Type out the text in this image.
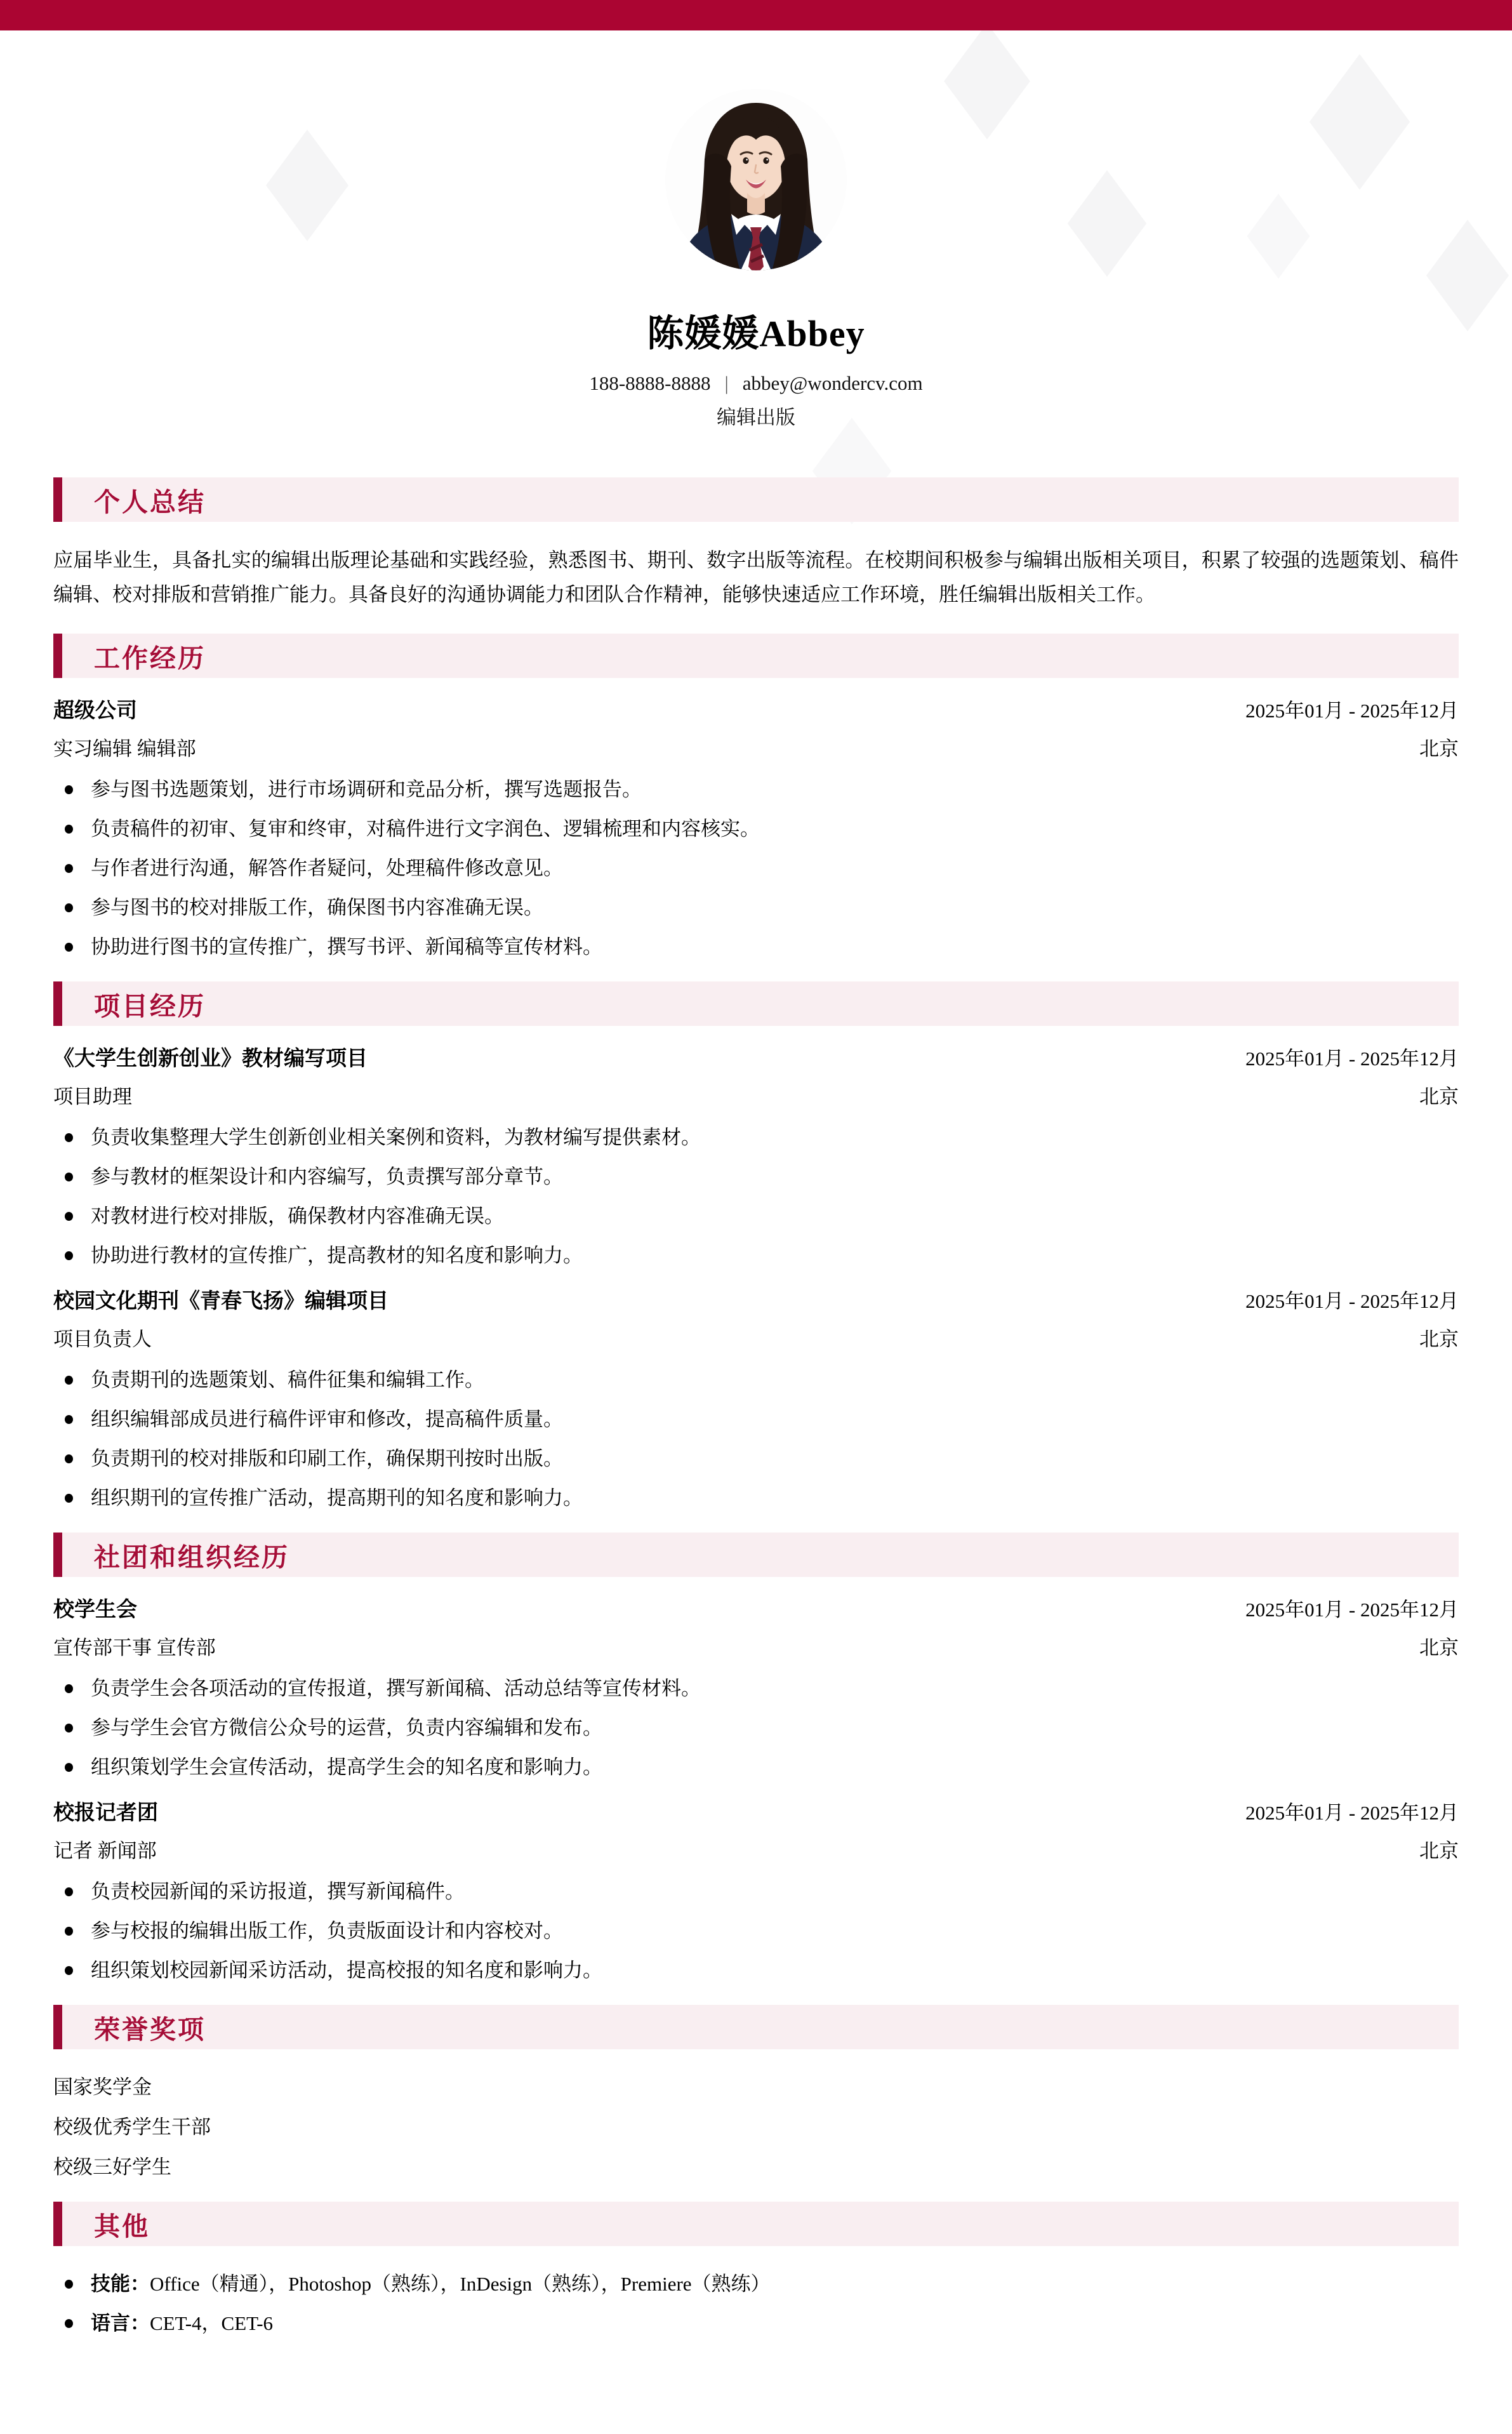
陈媛媛Abbey
188-8888-8888 | abbey@wondercv.com
编辑出版
个人总结
应届毕业生，具备扎实的编辑出版理论基础和实践经验，熟悉图书、期刊、数字出版等流程。在校期间积极参与编辑出版相关项目，积累了较强的选题策划、稿件编辑、校对排版和营销推广能力。具备良好的沟通协调能力和团队合作精神，能够快速适应工作环境，胜任编辑出版相关工作。
工作经历
超级公司	2025年01月 - 2025年12月
实习编辑 编辑部	北京
参与图书选题策划，进行市场调研和竞品分析，撰写选题报告。
负责稿件的初审、复审和终审，对稿件进行文字润色、逻辑梳理和内容核实。
与作者进行沟通，解答作者疑问，处理稿件修改意见。
参与图书的校对排版工作，确保图书内容准确无误。
协助进行图书的宣传推广，撰写书评、新闻稿等宣传材料。
项目经历
《大学生创新创业》教材编写项目	2025年01月 - 2025年12月
项目助理	北京
负责收集整理大学生创新创业相关案例和资料，为教材编写提供素材。
参与教材的框架设计和内容编写，负责撰写部分章节。
对教材进行校对排版，确保教材内容准确无误。
协助进行教材的宣传推广，提高教材的知名度和影响力。
校园文化期刊《青春飞扬》编辑项目	2025年01月 - 2025年12月
项目负责人	北京
负责期刊的选题策划、稿件征集和编辑工作。
组织编辑部成员进行稿件评审和修改，提高稿件质量。
负责期刊的校对排版和印刷工作，确保期刊按时出版。
组织期刊的宣传推广活动，提高期刊的知名度和影响力。
社团和组织经历
校学生会	2025年01月 - 2025年12月
宣传部干事 宣传部	北京
负责学生会各项活动的宣传报道，撰写新闻稿、活动总结等宣传材料。
参与学生会官方微信公众号的运营，负责内容编辑和发布。
组织策划学生会宣传活动，提高学生会的知名度和影响力。
校报记者团	2025年01月 - 2025年12月
记者 新闻部	北京
负责校园新闻的采访报道，撰写新闻稿件。
参与校报的编辑出版工作，负责版面设计和内容校对。
组织策划校园新闻采访活动，提高校报的知名度和影响力。
荣誉奖项
国家奖学金
校级优秀学生干部
校级三好学生
其他
技能：Office（精通），Photoshop（熟练），InDesign（熟练），Premiere（熟练）
语言：CET-4，CET-6
